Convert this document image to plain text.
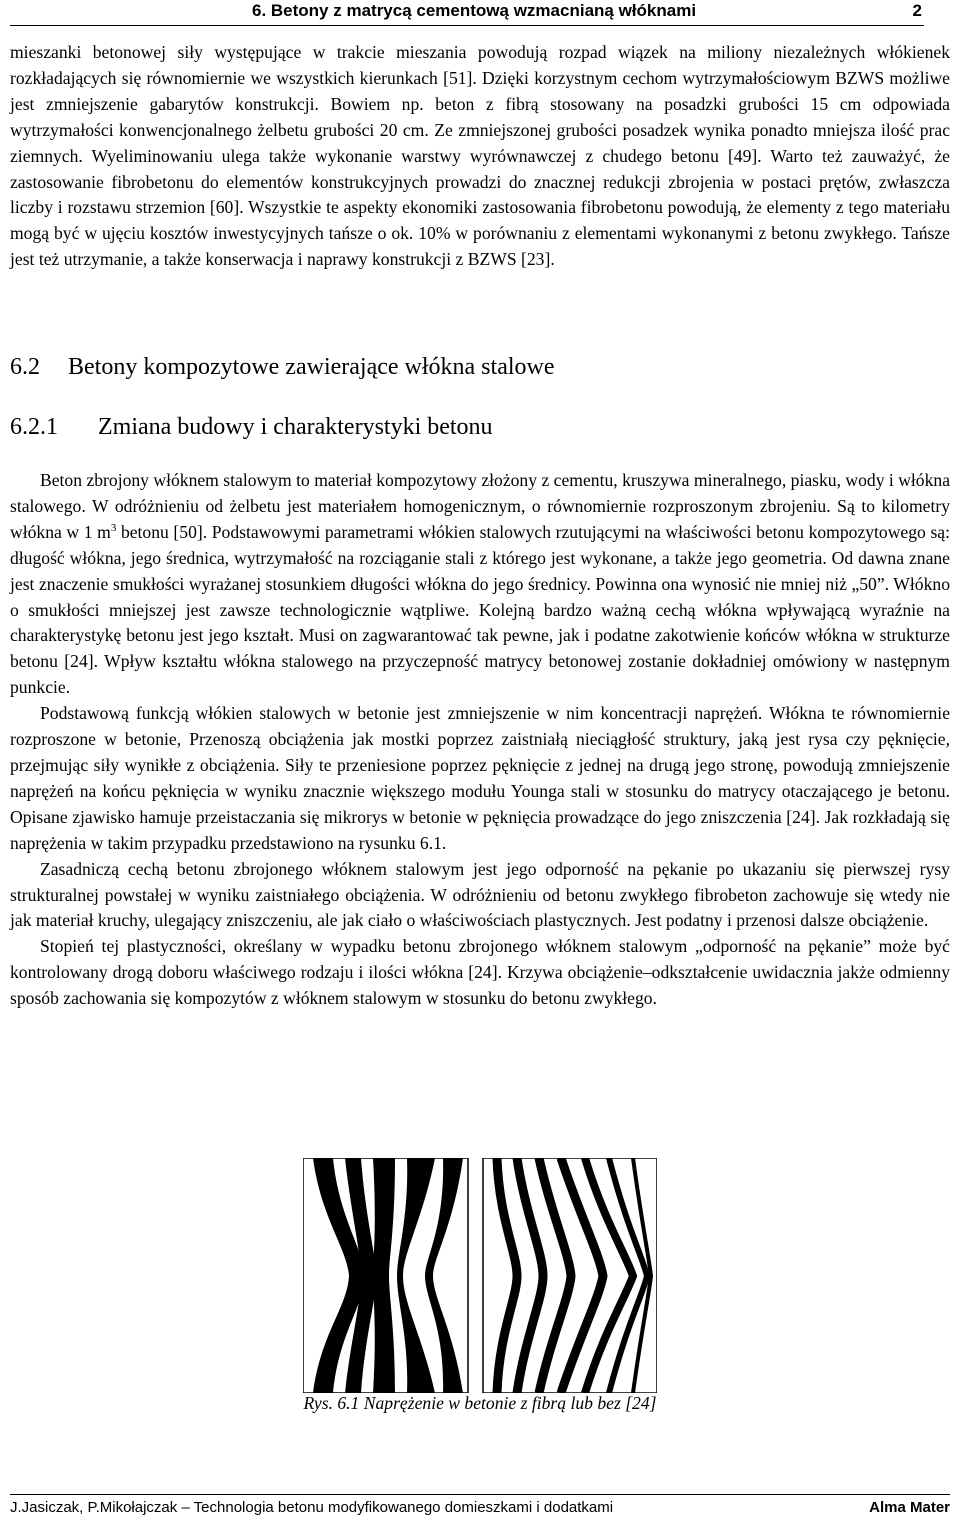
6. Betony z matrycą cementową wzmacnianą włóknami	2

mieszanki betonowej siły występujące w trakcie mieszania powodują rozpad wiązek na miliony niezależnych włókienek rozkładających się równomiernie we wszystkich kierunkach [51]. Dzięki korzystnym cechom wytrzymałościowym BZWS możliwe jest zmniejszenie gabarytów konstrukcji. Bowiem np. beton z fibrą stosowany na posadzki grubości 15 cm odpowiada wytrzymałości konwencjonalnego żelbetu grubości 20 cm. Ze zmniejszonej grubości posadzek wynika ponadto mniejsza ilość prac ziemnych. Wyeliminowaniu ulega także wykonanie warstwy wyrównawczej z chudego betonu [49]. Warto też zauważyć, że zastosowanie fibrobetonu do elementów konstrukcyjnych prowadzi do znacznej redukcji zbrojenia w postaci prętów, zwłaszcza liczby i rozstawu strzemion [60]. Wszystkie te aspekty ekonomiki zastosowania fibrobetonu powodują, że elementy z tego materiału mogą być w ujęciu kosztów inwestycyjnych tańsze o ok. 10% w porównaniu z elementami wykonanymi z betonu zwykłego. Tańsze jest też utrzymanie, a także konserwacja i naprawy konstrukcji z BZWS [23].

6.2 Betony kompozytowe zawierające włókna stalowe
6.2.1 Zmiana budowy i charakterystyki betonu

Beton zbrojony włóknem stalowym to materiał kompozytowy złożony z cementu, kruszywa mineralnego, piasku, wody i włókna stalowego. W odróżnieniu od żelbetu jest materiałem homogenicznym, o równomiernie rozproszonym zbrojeniu. Są to kilometry włókna w 1 $m^3$ betonu [50]. Podstawowymi parametrami włókien stalowych rzutującymi na właściwości betonu kompozytowego są: długość włókna, jego średnica, wytrzymałość na rozciąganie stali z którego jest wykonane, a także jego geometria. Od dawna znane jest znaczenie smukłości wyrażanej stosunkiem długości włókna do jego średnicy. Powinna ona wynosić nie mniej niż „50”. Włókno o smukłości mniejszej jest zawsze technologicznie wątpliwe. Kolejną bardzo ważną cechą włókna wpływającą wyraźnie na charakterystykę betonu jest jego kształt. Musi on zagwarantować tak pewne, jak i podatne zakotwienie końców włókna w strukturze betonu [24]. Wpływ kształtu włókna stalowego na przyczepność matrycy betonowej zostanie dokładniej omówiony w następnym punkcie.

Podstawową funkcją włókien stalowych w betonie jest zmniejszenie w nim koncentracji naprężeń. Włókna te równomiernie rozproszone w betonie, Przenoszą obciążenia jak mostki poprzez zaistniałą nieciągłość struktury, jaką jest rysa czy pęknięcie, przejmując siły wynikłe z obciążenia. Siły te przeniesione poprzez pęknięcie z jednej na drugą jego stronę, powodują zmniejszenie naprężeń na końcu pęknięcia w wyniku znacznie większego modułu Younga stali w stosunku do matrycy otaczającego je betonu. Opisane zjawisko hamuje przeistaczania się mikrorys w betonie w pęknięcia prowadzące do jego zniszczenia [24]. Jak rozkładają się naprężenia w takim przypadku przedstawiono na rysunku 6.1.

Zasadniczą cechą betonu zbrojonego włóknem stalowym jest jego odporność na pękanie po ukazaniu się pierwszej rysy strukturalnej powstałej w wyniku zaistniałego obciążenia. W odróżnieniu od betonu zwykłego fibrobeton zachowuje się wtedy nie jak materiał kruchy, ulegający zniszczeniu, ale jak ciało o właściwościach plastycznych. Jest podatny i przenosi dalsze obciążenie.

Stopień tej plastyczności, określany w wypadku betonu zbrojonego włóknem stalowym „odporność na pękanie” może być kontrolowany drogą doboru właściwego rodzaju i ilości włókna [24]. Krzywa obciążenie–odkształcenie uwidacznia jakże odmienny sposób zachowania się kompozytów z włóknem stalowym w stosunku do betonu zwykłego.

Rys. 6.1 Naprężenie w betonie z fibrą lub bez [24]
J.Jasiczak, P.Mikołajczak – Technologia betonu modyfikowanego domieszkami i dodatkami	Alma Mater
